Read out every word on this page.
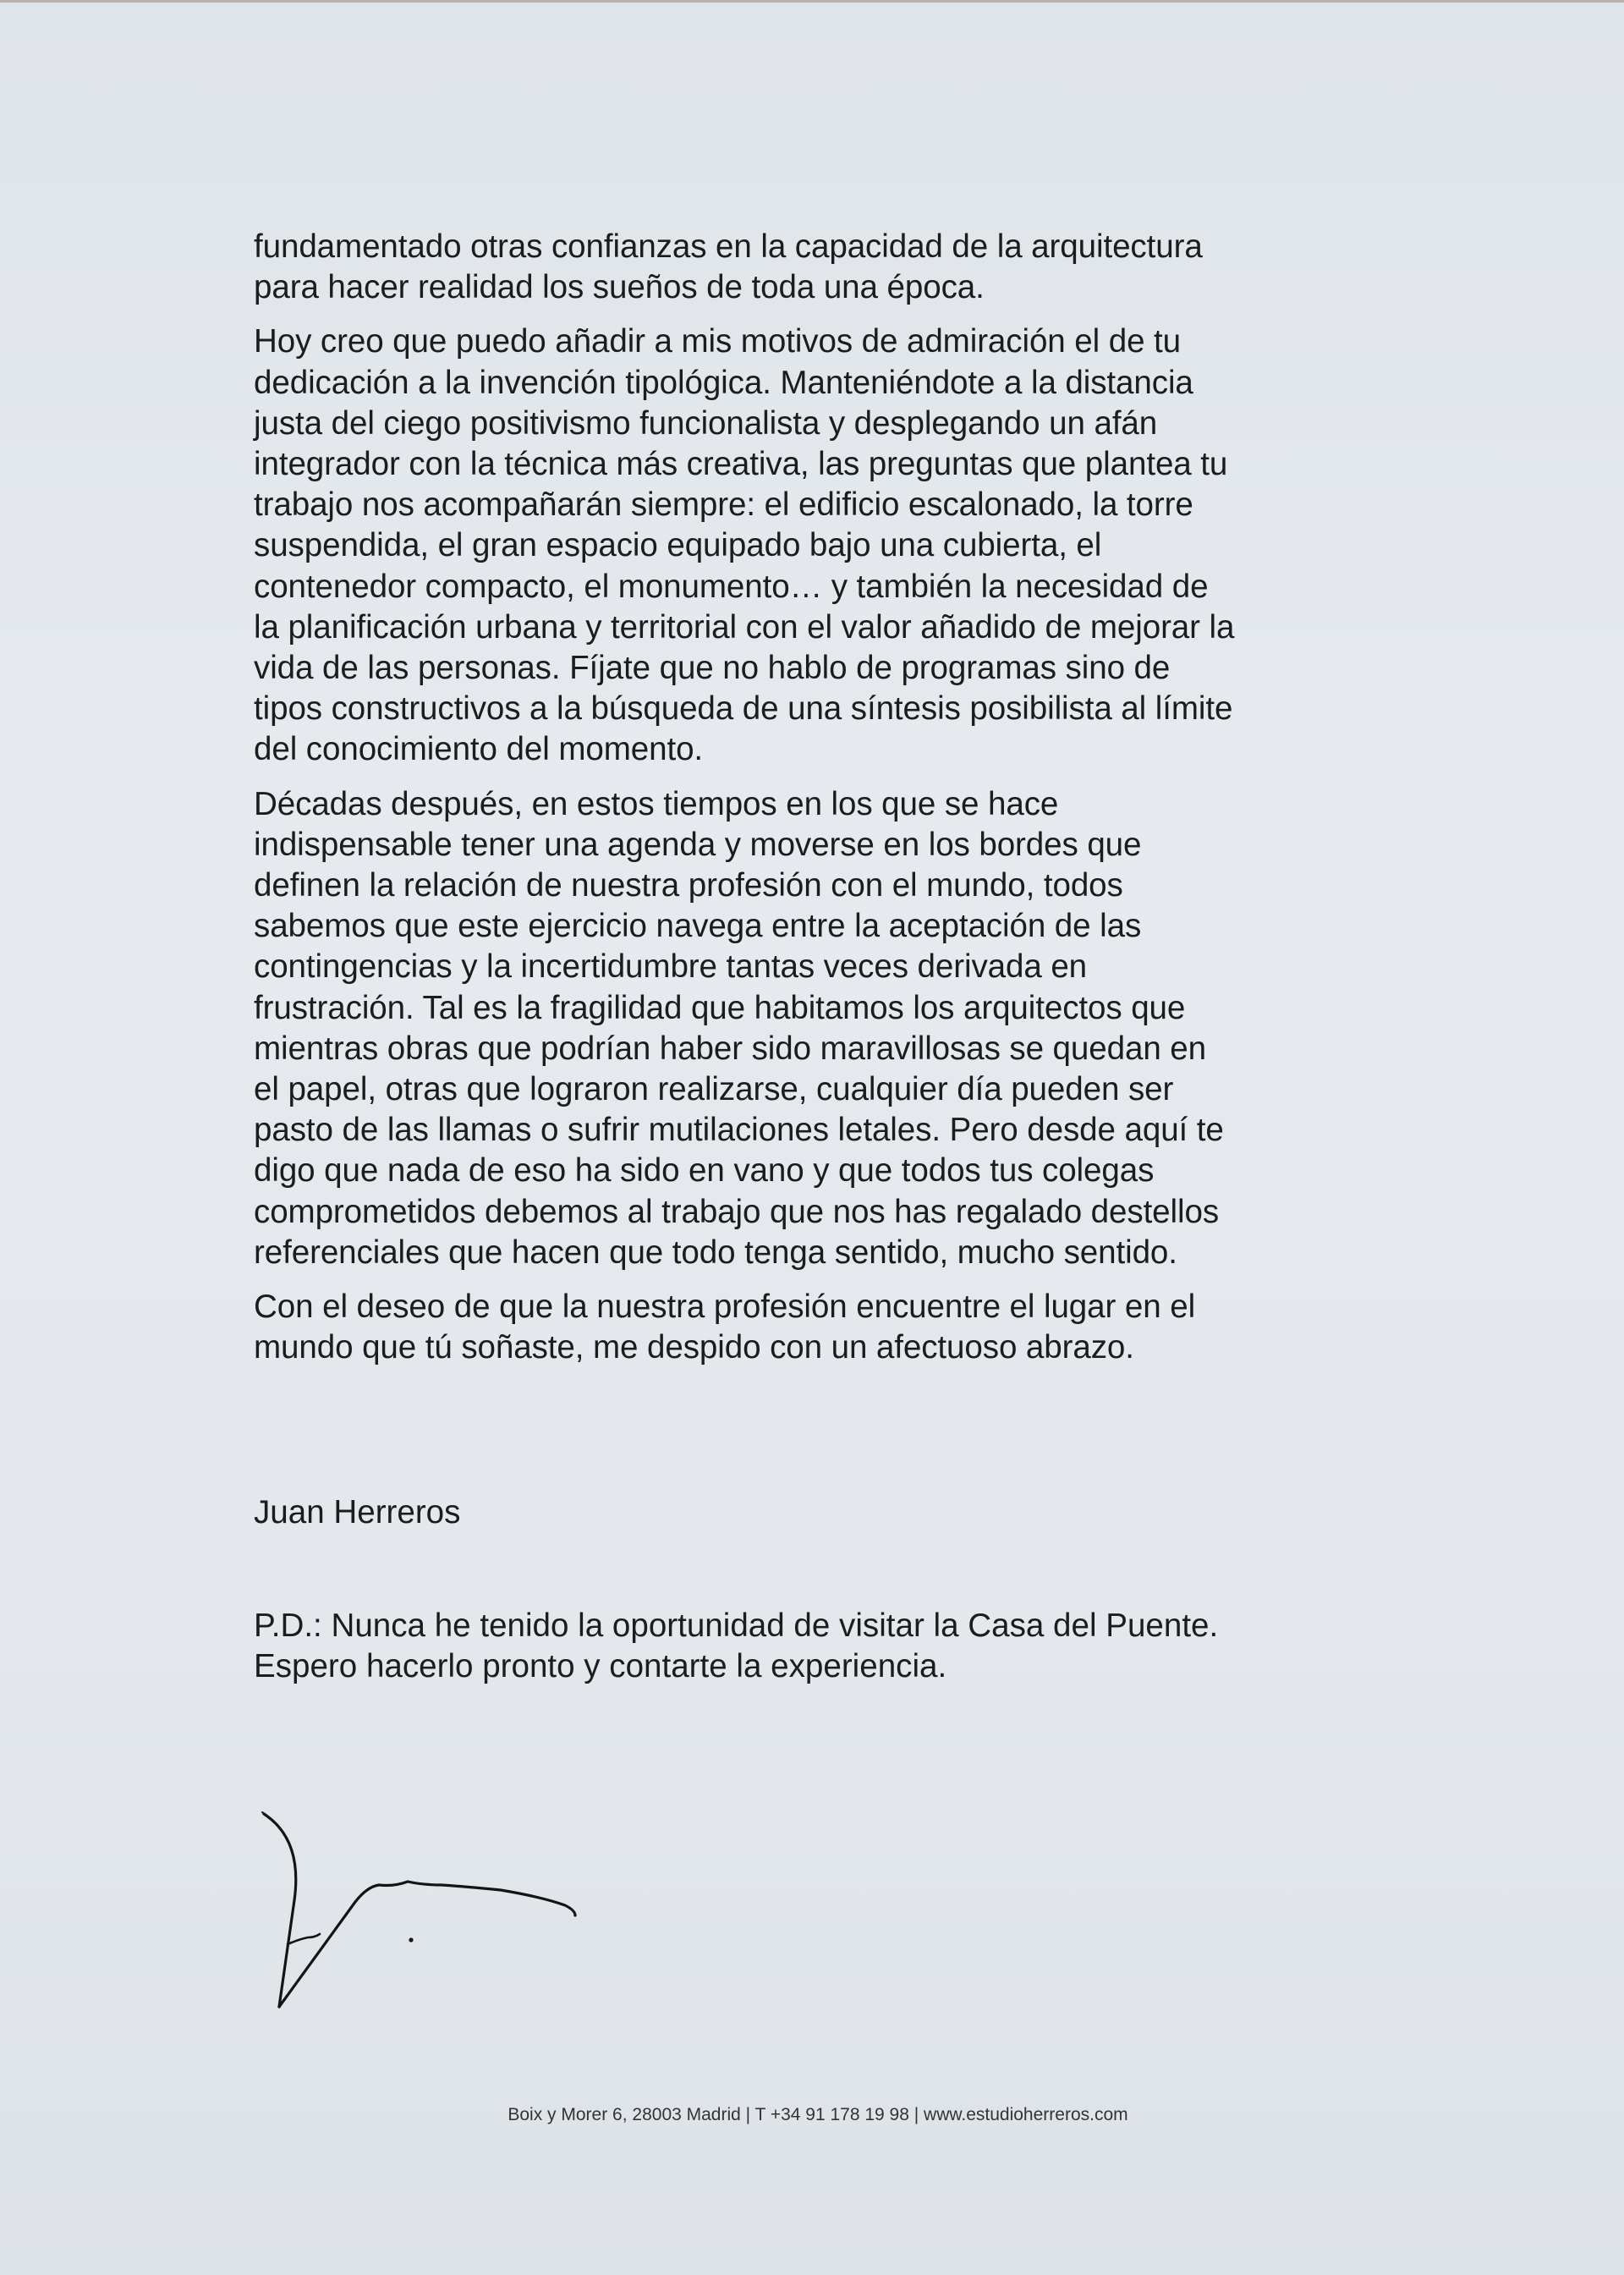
fundamentado otras confianzas en la capacidad de la arquitectura
para hacer realidad los sueños de toda una época.

Hoy creo que puedo añadir a mis motivos de admiración el de tu
dedicación a la invención tipológica. Manteniéndote a la distancia
justa del ciego positivismo funcionalista y desplegando un afán
integrador con la técnica más creativa, las preguntas que plantea tu
trabajo nos acompañarán siempre: el edificio escalonado, la torre
suspendida, el gran espacio equipado bajo una cubierta, el
contenedor compacto, el monumento… y también la necesidad de
la planificación urbana y territorial con el valor añadido de mejorar la
vida de las personas. Fíjate que no hablo de programas sino de
tipos constructivos a la búsqueda de una síntesis posibilista al límite
del conocimiento del momento.

Décadas después, en estos tiempos en los que se hace
indispensable tener una agenda y moverse en los bordes que
definen la relación de nuestra profesión con el mundo, todos
sabemos que este ejercicio navega entre la aceptación de las
contingencias y la incertidumbre tantas veces derivada en
frustración. Tal es la fragilidad que habitamos los arquitectos que
mientras obras que podrían haber sido maravillosas se quedan en
el papel, otras que lograron realizarse, cualquier día pueden ser
pasto de las llamas o sufrir mutilaciones letales. Pero desde aquí te
digo que nada de eso ha sido en vano y que todos tus colegas
comprometidos debemos al trabajo que nos has regalado destellos
referenciales que hacen que todo tenga sentido, mucho sentido.

Con el deseo de que la nuestra profesión encuentre el lugar en el
mundo que tú soñaste, me despido con un afectuoso abrazo.

Juan Herreros
P.D.: Nunca he tenido la oportunidad de visitar la Casa del Puente.
Espero hacerlo pronto y contarte la experiencia.
Boix y Morer 6, 28003 Madrid | T +34 91 178 19 98 | www.estudioherreros.com
